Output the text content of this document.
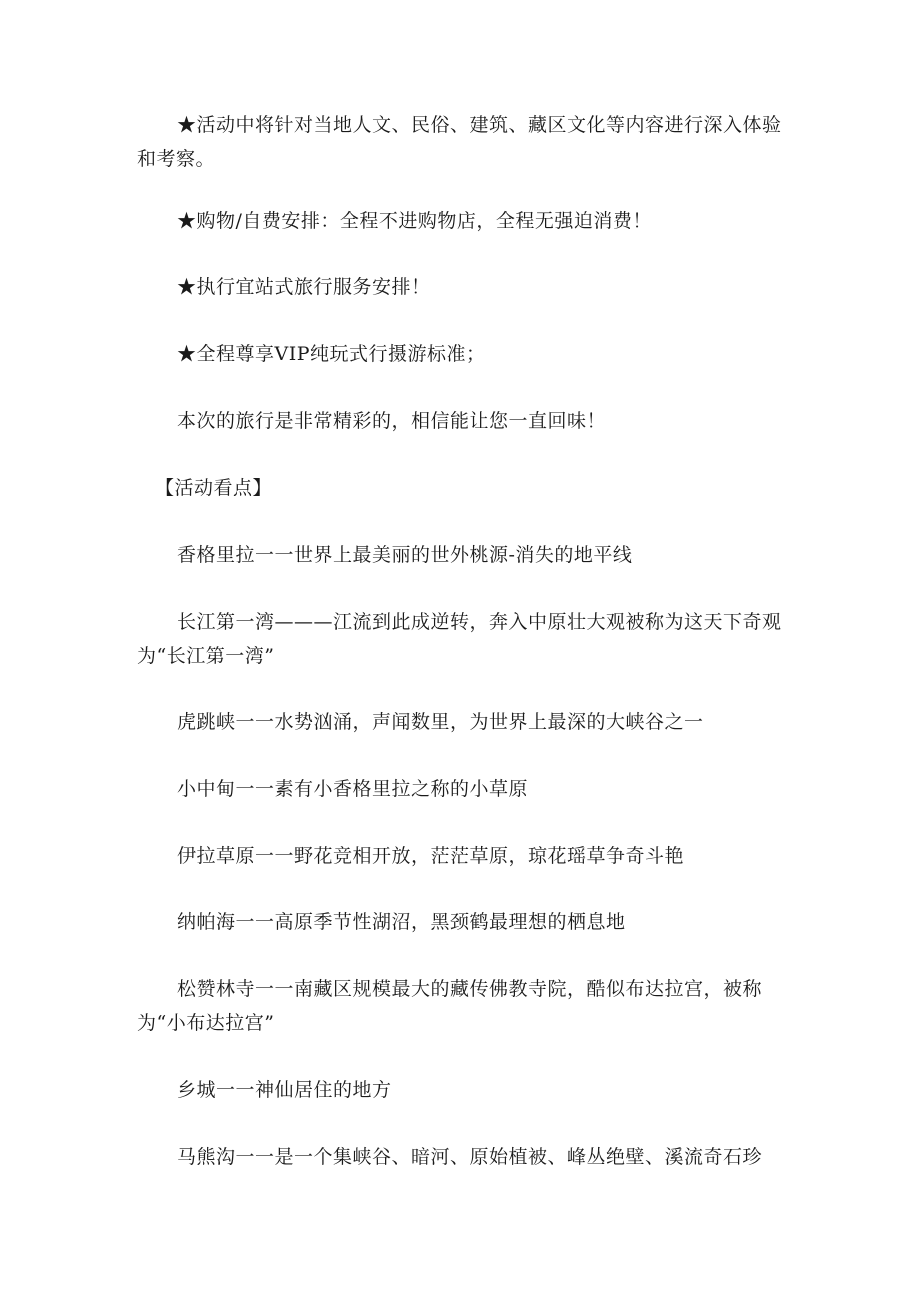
★活动中将针对当地人文、民俗、建筑、藏区文化等内容进行深入体验和考察。

★购物/自费安排：全程不进购物店，全程无强迫消费！

★执行宜站式旅行服务安排！

★全程尊享VIP纯玩式行摄游标准；

本次的旅行是非常精彩的，相信能让您一直回味！

【活动看点】

香格里拉一一世界上最美丽的世外桃源-消失的地平线

长江第一湾———江流到此成逆转，奔入中原壮大观被称为这天下奇观为“长江第一湾”

虎跳峡一一水势汹涌，声闻数里，为世界上最深的大峡谷之一

小中甸一一素有小香格里拉之称的小草原

伊拉草原一一野花竞相开放，茫茫草原，琼花瑶草争奇斗艳

纳帕海一一高原季节性湖沼，黑颈鹤最理想的栖息地

松赞林寺一一南藏区规模最大的藏传佛教寺院，酷似布达拉宫，被称为“小布达拉宫”

乡城一一神仙居住的地方

马熊沟一一是一个集峡谷、暗河、原始植被、峰丛绝壁、溪流奇石珍
